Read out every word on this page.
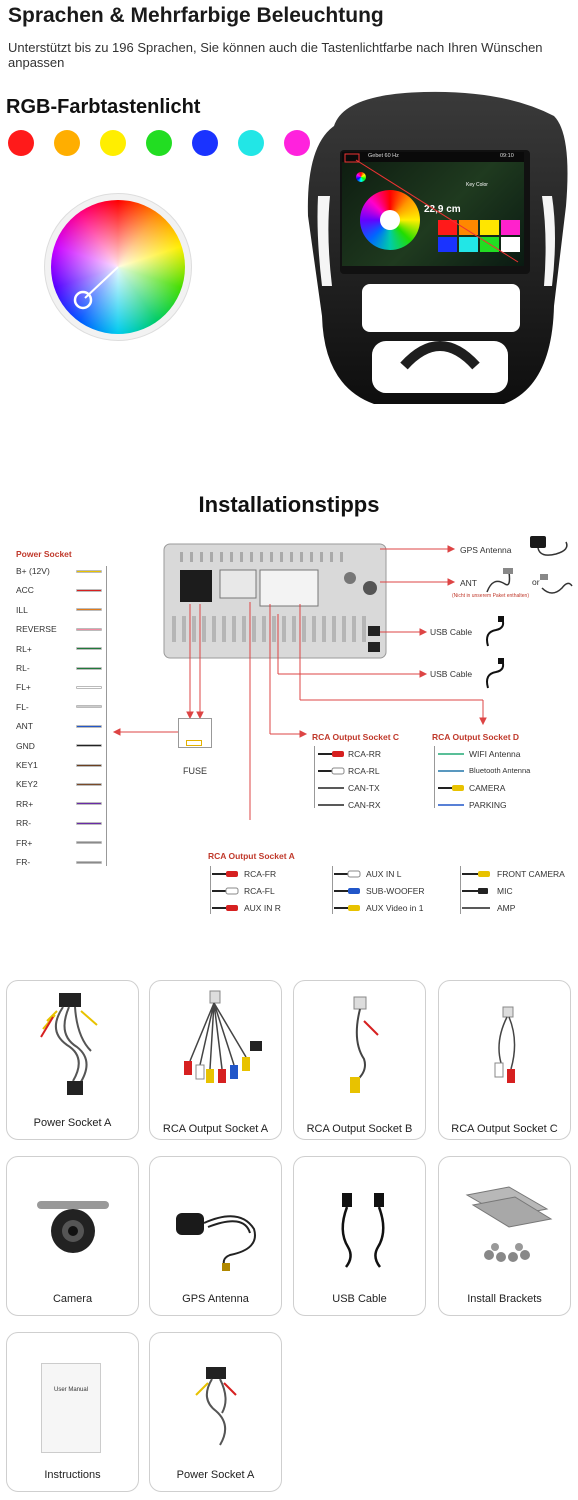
Sprachen & Mehrfarbige Beleuchtung
Unterstützt bis zu 196 Sprachen, Sie können auch die Tastenlichtfarbe nach Ihren Wünschen anpassen
RGB-Farbtastenlicht
Gebet 60 Hz	09:10
22,9 cm
Key Color
Installationstipps
Power Socket
B+ (12V)
ACC
ILL
REVERSE
RL+
RL-
FL+
FL-
ANT
GND
KEY1
KEY2
RR+
RR-
FR+
FR-
FUSE
GPS Antenna
ANT
(Nicht in unserem Paket enthalten)
or
USB Cable
USB Cable
RCA Output Socket C
RCA-RR
RCA-RL
CAN-TX
CAN-RX
RCA Output Socket D
WIFI Antenna
Bluetooth Antenna
CAMERA
PARKING
RCA Output Socket A
RCA-FR
RCA-FL
AUX IN R
AUX IN L
SUB-WOOFER
AUX Video in 1
FRONT CAMERA
MIC
AMP
Power Socket A	RCA Output Socket A	RCA Output Socket B	RCA Output Socket C
Camera	GPS Antenna	USB Cable	Install Brackets
User Manual
Instructions	Power Socket A
